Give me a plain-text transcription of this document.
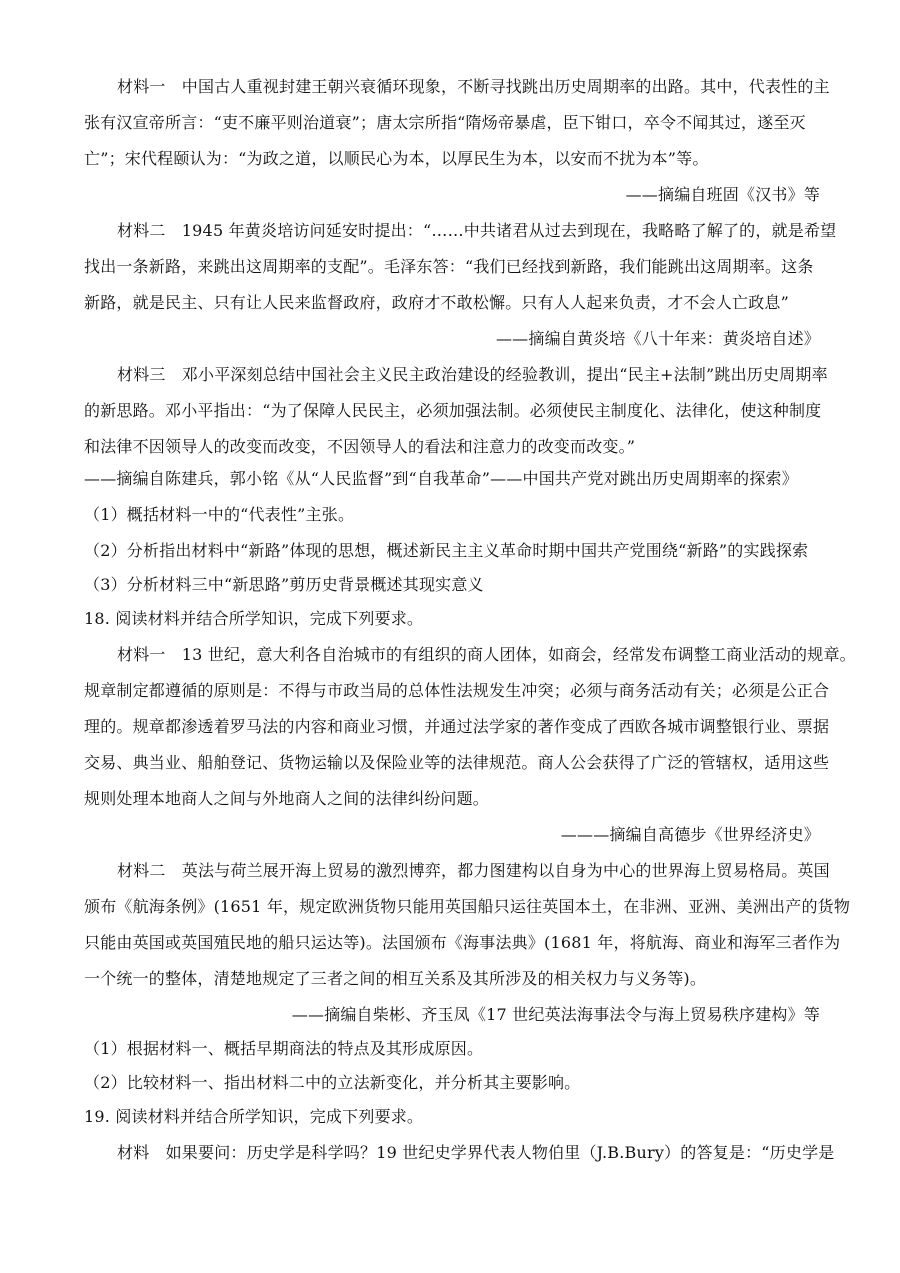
材料一　中国古人重视封建王朝兴衰循环现象，不断寻找跳出历史周期率的出路。其中，代表性的主
张有汉宣帝所言：“吏不廉平则治道衰”；唐太宗所指“隋炀帝暴虐，臣下钳口，卒令不闻其过，遂至灭
亡”；宋代程颐认为：“为政之道，以顺民心为本，以厚民生为本，以安而不扰为本”等。
——摘编自班固《汉书》等
材料二　1945 年黄炎培访问延安时提出：“……中共诸君从过去到现在，我略略了解了的，就是希望
找出一条新路，来跳出这周期率的支配”。毛泽东答：“我们已经找到新路，我们能跳出这周期率。这条
新路，就是民主、只有让人民来监督政府，政府才不敢松懈。只有人人起来负责，才不会人亡政息”
——摘编自黄炎培《八十年来：黄炎培自述》
材料三　邓小平深刻总结中国社会主义民主政治建设的经验教训，提出“民主+法制”跳出历史周期率
的新思路。邓小平指出：“为了保障人民民主，必须加强法制。必须使民主制度化、法律化，使这种制度
和法律不因领导人的改变而改变，不因领导人的看法和注意力的改变而改变。”
——摘编自陈建兵，郭小铭《从“人民监督”到“自我革命”——中国共产党对跳出历史周期率的探索》
（1）概括材料一中的“代表性”主张。
（2）分析指出材料中“新路”体现的思想，概述新民主主义革命时期中国共产党围绕“新路”的实践探索
（3）分析材料三中“新思路”剪历史背景概述其现实意义
18. 阅读材料并结合所学知识，完成下列要求。
材料一　13 世纪，意大利各自治城市的有组织的商人团体，如商会，经常发布调整工商业活动的规章。
规章制定都遵循的原则是：不得与市政当局的总体性法规发生冲突；必须与商务活动有关；必须是公正合
理的。规章都渗透着罗马法的内容和商业习惯，并通过法学家的著作变成了西欧各城市调整银行业、票据
交易、典当业、船舶登记、货物运输以及保险业等的法律规范。商人公会获得了广泛的管辖权，适用这些
规则处理本地商人之间与外地商人之间的法律纠纷问题。
———摘编自高德步《世界经济史》
材料二　英法与荷兰展开海上贸易的激烈博弈，都力图建构以自身为中心的世界海上贸易格局。英国
颁布《航海条例》(1651 年，规定欧洲货物只能用英国船只运往英国本土，在非洲、亚洲、美洲出产的货物
只能由英国或英国殖民地的船只运达等)。法国颁布《海事法典》(1681 年，将航海、商业和海军三者作为
一个统一的整体，清楚地规定了三者之间的相互关系及其所涉及的相关权力与义务等)。
——摘编自柴彬、齐玉凤《17 世纪英法海事法令与海上贸易秩序建构》等
（1）根据材料一、概括早期商法的特点及其形成原因。
（2）比较材料一、指出材料二中的立法新变化，并分析其主要影响。
19. 阅读材料并结合所学知识，完成下列要求。
材料　如果要问：历史学是科学吗？19 世纪史学界代表人物伯里（J.B.Bury）的答复是：“历史学是
